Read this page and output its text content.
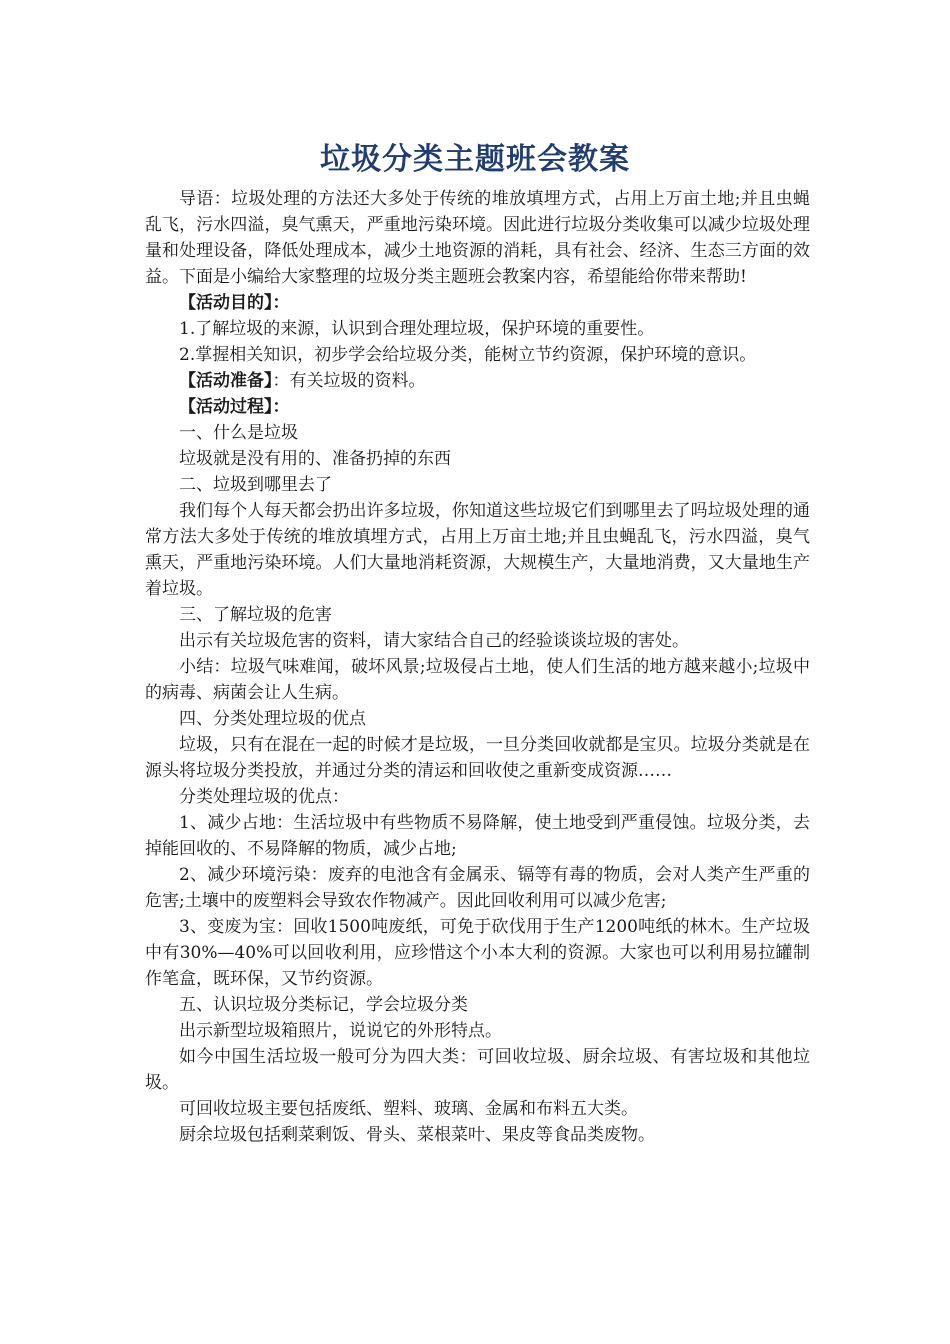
垃圾分类主题班会教案

导语：垃圾处理的方法还大多处于传统的堆放填埋方式，占用上万亩土地;并且虫蝇乱飞，污水四溢，臭气熏天，严重地污染环境。因此进行垃圾分类收集可以减少垃圾处理量和处理设备，降低处理成本，减少土地资源的消耗，具有社会、经济、生态三方面的效益。下面是小编给大家整理的垃圾分类主题班会教案内容，希望能给你带来帮助!

【活动目的】：

1.了解垃圾的来源，认识到合理处理垃圾，保护环境的重要性。

2.掌握相关知识，初步学会给垃圾分类，能树立节约资源，保护环境的意识。

【活动准备】：有关垃圾的资料。

【活动过程】：

一、什么是垃圾

垃圾就是没有用的、准备扔掉的东西

二、垃圾到哪里去了

我们每个人每天都会扔出许多垃圾，你知道这些垃圾它们到哪里去了吗垃圾处理的通常方法大多处于传统的堆放填埋方式，占用上万亩土地;并且虫蝇乱飞，污水四溢，臭气熏天，严重地污染环境。人们大量地消耗资源，大规模生产，大量地消费，又大量地生产着垃圾。

三、了解垃圾的危害

出示有关垃圾危害的资料，请大家结合自己的经验谈谈垃圾的害处。

小结：垃圾气味难闻，破坏风景;垃圾侵占土地，使人们生活的地方越来越小;垃圾中的病毒、病菌会让人生病。

四、分类处理垃圾的优点

垃圾，只有在混在一起的时候才是垃圾，一旦分类回收就都是宝贝。垃圾分类就是在源头将垃圾分类投放，并通过分类的清运和回收使之重新变成资源……

分类处理垃圾的优点：

1、减少占地：生活垃圾中有些物质不易降解，使土地受到严重侵蚀。垃圾分类，去掉能回收的、不易降解的物质，减少占地;

2、减少环境污染：废弃的电池含有金属汞、镉等有毒的物质，会对人类产生严重的危害;土壤中的废塑料会导致农作物减产。因此回收利用可以减少危害;

3、变废为宝：回收1500吨废纸，可免于砍伐用于生产1200吨纸的林木。生产垃圾中有30%—40%可以回收利用，应珍惜这个小本大利的资源。大家也可以利用易拉罐制作笔盒，既环保，又节约资源。

五、认识垃圾分类标记，学会垃圾分类

出示新型垃圾箱照片，说说它的外形特点。

如今中国生活垃圾一般可分为四大类：可回收垃圾、厨余垃圾、有害垃圾和其他垃圾。

可回收垃圾主要包括废纸、塑料、玻璃、金属和布料五大类。

厨余垃圾包括剩菜剩饭、骨头、菜根菜叶、果皮等食品类废物。
